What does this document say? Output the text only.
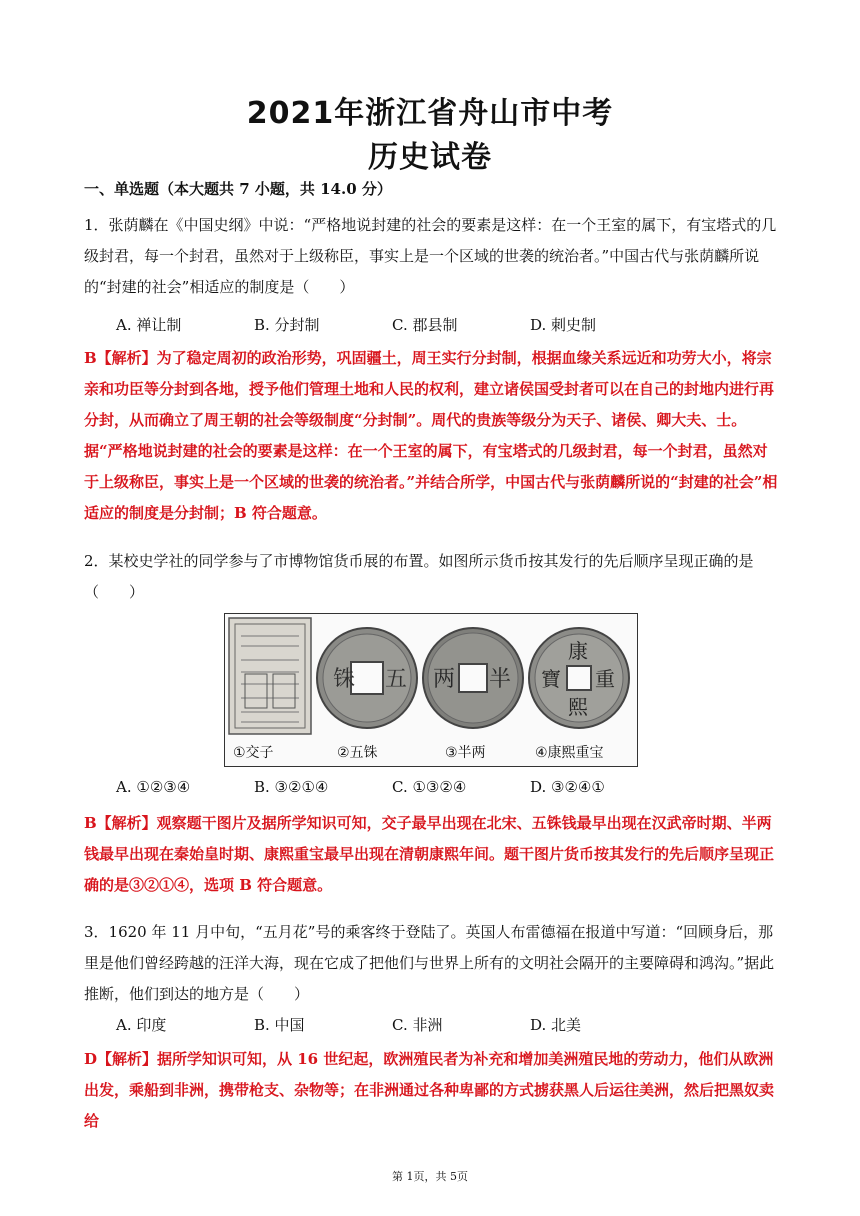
2021年浙江省舟山市中考
历史试卷
一、单选题（本大题共 7 小题，共 14.0 分）
1．张荫麟在《中国史纲》中说：“严格地说封建的社会的要素是这样：在一个王室的属下，有宝塔式的几级封君，每一个封君，虽然对于上级称臣，事实上是一个区域的世袭的统治者。”中国古代与张荫麟所说的“封建的社会”相适应的制度是（　　）
A. 禅让制	B. 分封制	C. 郡县制	D. 刺史制
B【解析】为了稳定周初的政治形势，巩固疆土，周王实行分封制，根据血缘关系远近和功劳大小，将宗亲和功臣等分封到各地，授予他们管理土地和人民的权利，建立诸侯国受封者可以在自己的封地内进行再分封，从而确立了周王朝的社会等级制度“分封制”。周代的贵族等级分为天子、诸侯、卿大夫、士。据“严格地说封建的社会的要素是这样：在一个王室的属下，有宝塔式的几级封君，每一个封君，虽然对于上级称臣，事实上是一个区域的世袭的统治者。”并结合所学，中国古代与张荫麟所说的“封建的社会”相适应的制度是分封制；B 符合题意。
2．某校史学社的同学参与了市博物馆货币展的布置。如图所示货币按其发行的先后顺序呈现正确的是（　　）
铢 五 两 半
康
熙
寶 重
①交子	②五铢	③半两	④康熙重宝
A. ①②③④	B. ③②①④	C. ①③②④	D. ③②④①
B【解析】观察题干图片及据所学知识可知，交子最早出现在北宋、五铢钱最早出现在汉武帝时期、半两钱最早出现在秦始皇时期、康熙重宝最早出现在清朝康熙年间。题干图片货币按其发行的先后顺序呈现正确的是③②①④，选项 B 符合题意。
3．1620 年 11 月中旬，“五月花”号的乘客终于登陆了。英国人布雷德福在报道中写道：“回顾身后，那里是他们曾经跨越的汪洋大海，现在它成了把他们与世界上所有的文明社会隔开的主要障碍和鸿沟。”据此推断，他们到达的地方是（　　）
A. 印度	B. 中国	C. 非洲	D. 北美
D【解析】据所学知识可知，从 16 世纪起，欧洲殖民者为补充和增加美洲殖民地的劳动力，他们从欧洲出发，乘船到非洲，携带枪支、杂物等；在非洲通过各种卑鄙的方式掳获黑人后运往美洲，然后把黑奴卖给
第 1页，共 5页
